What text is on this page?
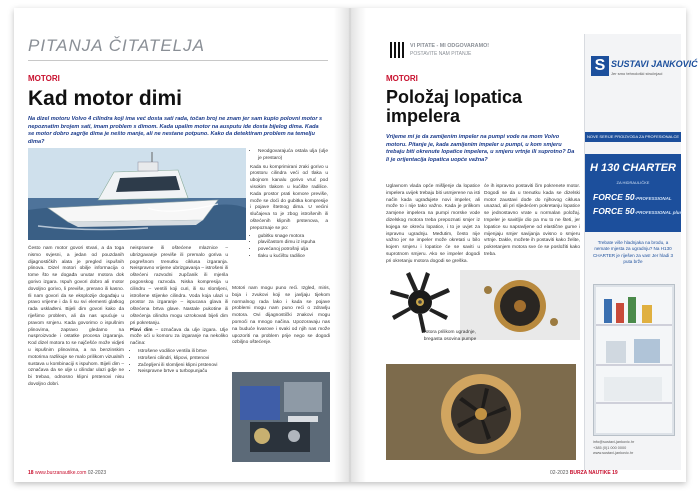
PITANJA ČITATELJA
MOTORI
Kad motor dimi
Na dizel motoru Volvo 4 cilindra koji ima već dosta sati rada, točan broj ne znam jer sam kupio polovni motor s nepoznatim brojem sati, imam problem s dimom. Kada upalim motor na ausputu ide dosta bijelog dima. Kada se motor dobro zagrije dima je nešto manje, ali ne nestane potpuno. Kako da detektiram problem na temelju dima?
• Neodgovarajuća ostala ulja (ulje je prestaro)
Kada su komprimirani zraki gorivo u prostoru cilindra veći od tlaka u ubojnom kanalu gorivo vruć pod visokim tlakom u kućište radilice. Kada prostor prati komore previše, može se doći do gubitka kompresije i pojave štetnog dima. U većini slučajeva to je zbog istrošenih ili oštećenih klipnih prstenova, a prepoznaje se po:
• gubitku snage motora
• plavičastom dimu iz ispuha
• povećanoj potrošnji ulja
• tlaku u kućištu radilice
Često nam motor govori stvari, a da toga nismo svjesni, a jedan od pouzdanih dijagnostičkih alata je pregled ispušnih plinova. Dizel motori obilje informacija o tome što se događa unutar motora dok gorivo izgara. Ispuh govori dobro ali motor dovoljno gorivo, li previše, prerano ili kasno. Ili nam govori da se eksplozije događaju u pravo vrijeme i da li su svi elementi glatkog rada usklađeni. Bijeli dim govori kako da riješimo problem, ali da nas upućuje u pravom smjeru. Kada govorimo o ispušnim plinovima, zapravo gledamo na nusproizvode i ostatke procesa izgaranja. Kod dizel motora to se najčešće može vidjeti u ispušnim plinovima, a na benzinskim motorima razlikuje se malo prilikom vizualnih sustava u kombinaciji s ispuhom. Bijeli dim – označava da se ulje u cilindar ulazi gdje ne bi trebao, odnosno klipni prstenovi nisu dovoljno dobri.
neispravne ili oštećene mlaznice – ubrizgavanje previše ili premalo goriva u pogrešnom trenutku ciklusa izgaranja. Neispravno vrijeme ubrizgavanja – istrošeni ili oštećeni razvodni zupčanik ili mjerila pogonskog razvoda. Niska kompresija u cilindru – ventili koji curi, ili su slomljeni, istrošene stijenke cilindra. Voda koja ulazi u prostor za izgaranje – ispucana glava ili oštećena brtva glave. Nastale pukotine ili oštećenja cilindra mogu uzrokovati bijeli dim pri pokretanju.
Plavi dim – označava da ulje izgara. Ulje može ući u komoru za izgaranje na nekoliko načina:
• Istrošene vodilice ventila ili brtve
• Istrošeni cilindri, klipovi, prstenovi
• Začepljeni ili slomljeni klipni prstenovi
• Neispravne brtve u turbopunjaču
Motori nam mogu puno reći. Izgled, miris, boja i zvukovi koji se javljaju tijekom normalnog rada lako i kada se pojave problemi mogu nam puno reći o zdravlju motora. Ovi dijagnostički znakovi mogu pomoći na mnogo načina. Upozoravaju nas na buduće kvarove i svaki od njih nas može upozoriti na problem prije nego se dogodi ozbiljno oštećenje.
18 www.burzanautike.com 02-2023
VI PITATE - MI ODGOVARAMO!
POSTAVITE NAM PITANJE
MOTORI
Položaj lopatica impelera
Vrijeme mi je da zamijenim impeler na pumpi vode na mom Volvo motoru. Pitanje je, kada zamijenim impeler u pumpi, u kom smjeru trebaju biti okrenute lopatice impelera, u smjeru vrtnje ili suprotno? Da li je orijentacija lopatica uopće važna?
Uglavnom vlada opće mišljenje da lopatice impelera uvijek trebaju biti usmjerene na isti način kada ugrađujete novi impeler, ali može to i nije tako važno. Kada je prilikom zamjene impelera na pumpi morske vode dizelskog motora treba prepoznati smjer iz kojega se okreću lopatice, i to je uvjet za ispravnu ugradnju. Međutim, često nije važno jer se impeler može okretati u bilo kojem smjeru i lopatice će se saviti u suprotnom smjeru. Ako se impeler dogodi pri okretanju motora dogodi se greška.
će ih ispravno postaviti čim pokrenete motor. Dogodi se da u trenutku kada se dizelski motor zaustavi dođe do njihovog ciklusa unazad, ali pri sljedećem pokretanju lopatice se jednostavno vrate u normalan položaj. Impeler je savitljiv dio pa mu to ne šteti, jer lopatice su napravljene od elastične gume i mijenjaju smjer savijanja ovisno o smjeru vrtnje. Dakle, možete ih postaviti kako želite, pokretanjem motora sve će se posložiti kako treba.
rotora prilikom ugradnje, bregasta osovina pumpe
02-2023 BURZA NAUTIKE 19
S SUSTAVI JANKOVIĆ
Jer smo tehnološki stručnjaci
NOVE SERIJE PROIZVODA ZA PROFESIONALCE
H 130 CHARTER
ZA HIDRAULIČKE
FORCE 50-PROFESSIONAL
FORCE 50-PROFESSIONAL plus
Trebate više hladnjaka na brodu, a nemate mjesta za ugradnju? Na H130 CHARTER je riješen za vas! Jer hladi 3 puta brže
info@sustavi-jankovic.hr
+385 (0)1 000 0000
www.sustavi-jankovic.hr
